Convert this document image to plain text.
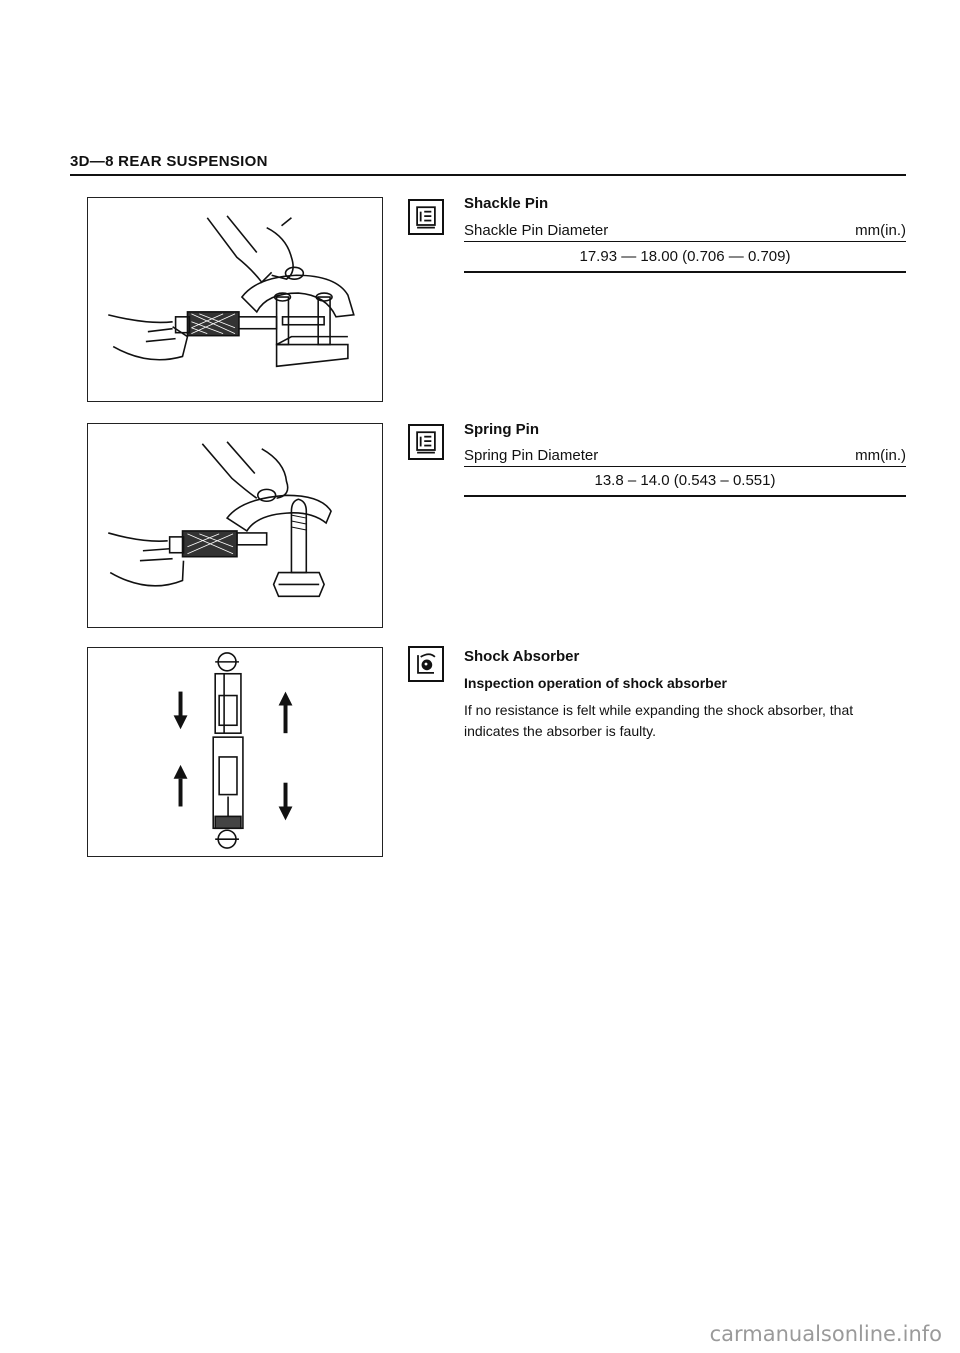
3D—8 REAR SUSPENSION
Shackle Pin
Shackle Pin Diameter	mm(in.)
17.93 — 18.00 (0.706 — 0.709)
Spring Pin
Spring Pin Diameter	mm(in.)
13.8 – 14.0 (0.543 – 0.551)
Shock Absorber
Inspection operation of shock absorber
If no resistance is felt while expanding the shock absorber, that indicates the absorber is faulty.
carmanualsonline.info
